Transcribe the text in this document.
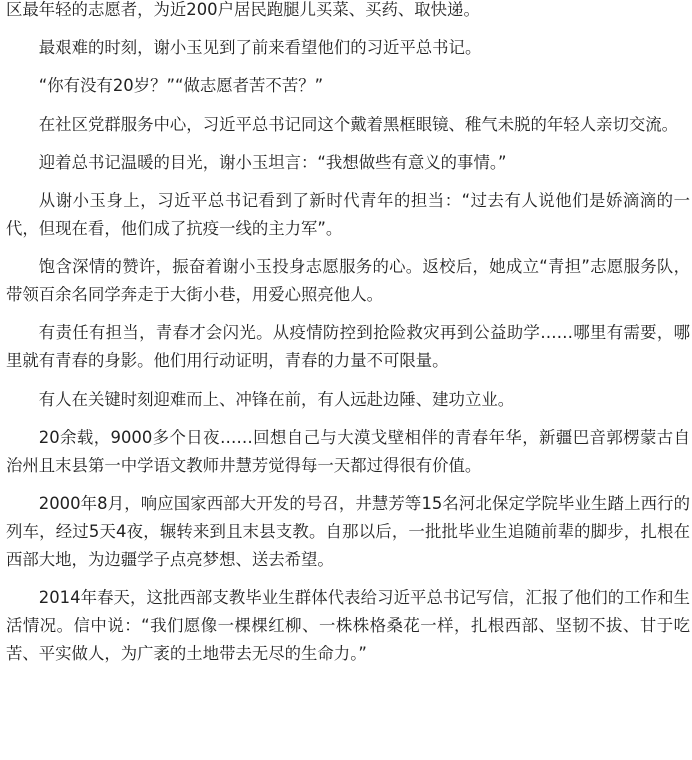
区最年轻的志愿者，为近200户居民跑腿儿买菜、买药、取快递。

最艰难的时刻，谢小玉见到了前来看望他们的习近平总书记。

“你有没有20岁？”“做志愿者苦不苦？”

在社区党群服务中心，习近平总书记同这个戴着黑框眼镜、稚气未脱的年轻人亲切交流。

迎着总书记温暖的目光，谢小玉坦言：“我想做些有意义的事情。”

从谢小玉身上，习近平总书记看到了新时代青年的担当：“过去有人说他们是娇滴滴的一代，但现在看，他们成了抗疫一线的主力军”。

饱含深情的赞许，振奋着谢小玉投身志愿服务的心。返校后，她成立“青担”志愿服务队，带领百余名同学奔走于大街小巷，用爱心照亮他人。

有责任有担当，青春才会闪光。从疫情防控到抢险救灾再到公益助学……哪里有需要，哪里就有青春的身影。他们用行动证明，青春的力量不可限量。

有人在关键时刻迎难而上、冲锋在前，有人远赴边陲、建功立业。

20余载，9000多个日夜……回想自己与大漠戈壁相伴的青春年华，新疆巴音郭楞蒙古自治州且末县第一中学语文教师井慧芳觉得每一天都过得很有价值。

2000年8月，响应国家西部大开发的号召，井慧芳等15名河北保定学院毕业生踏上西行的列车，经过5天4夜，辗转来到且末县支教。自那以后，一批批毕业生追随前辈的脚步，扎根在西部大地，为边疆学子点亮梦想、送去希望。

2014年春天，这批西部支教毕业生群体代表给习近平总书记写信，汇报了他们的工作和生活情况。信中说：“我们愿像一棵棵红柳、一株株格桑花一样，扎根西部、坚韧不拔、甘于吃苦、平实做人，为广袤的土地带去无尽的生命力。”
